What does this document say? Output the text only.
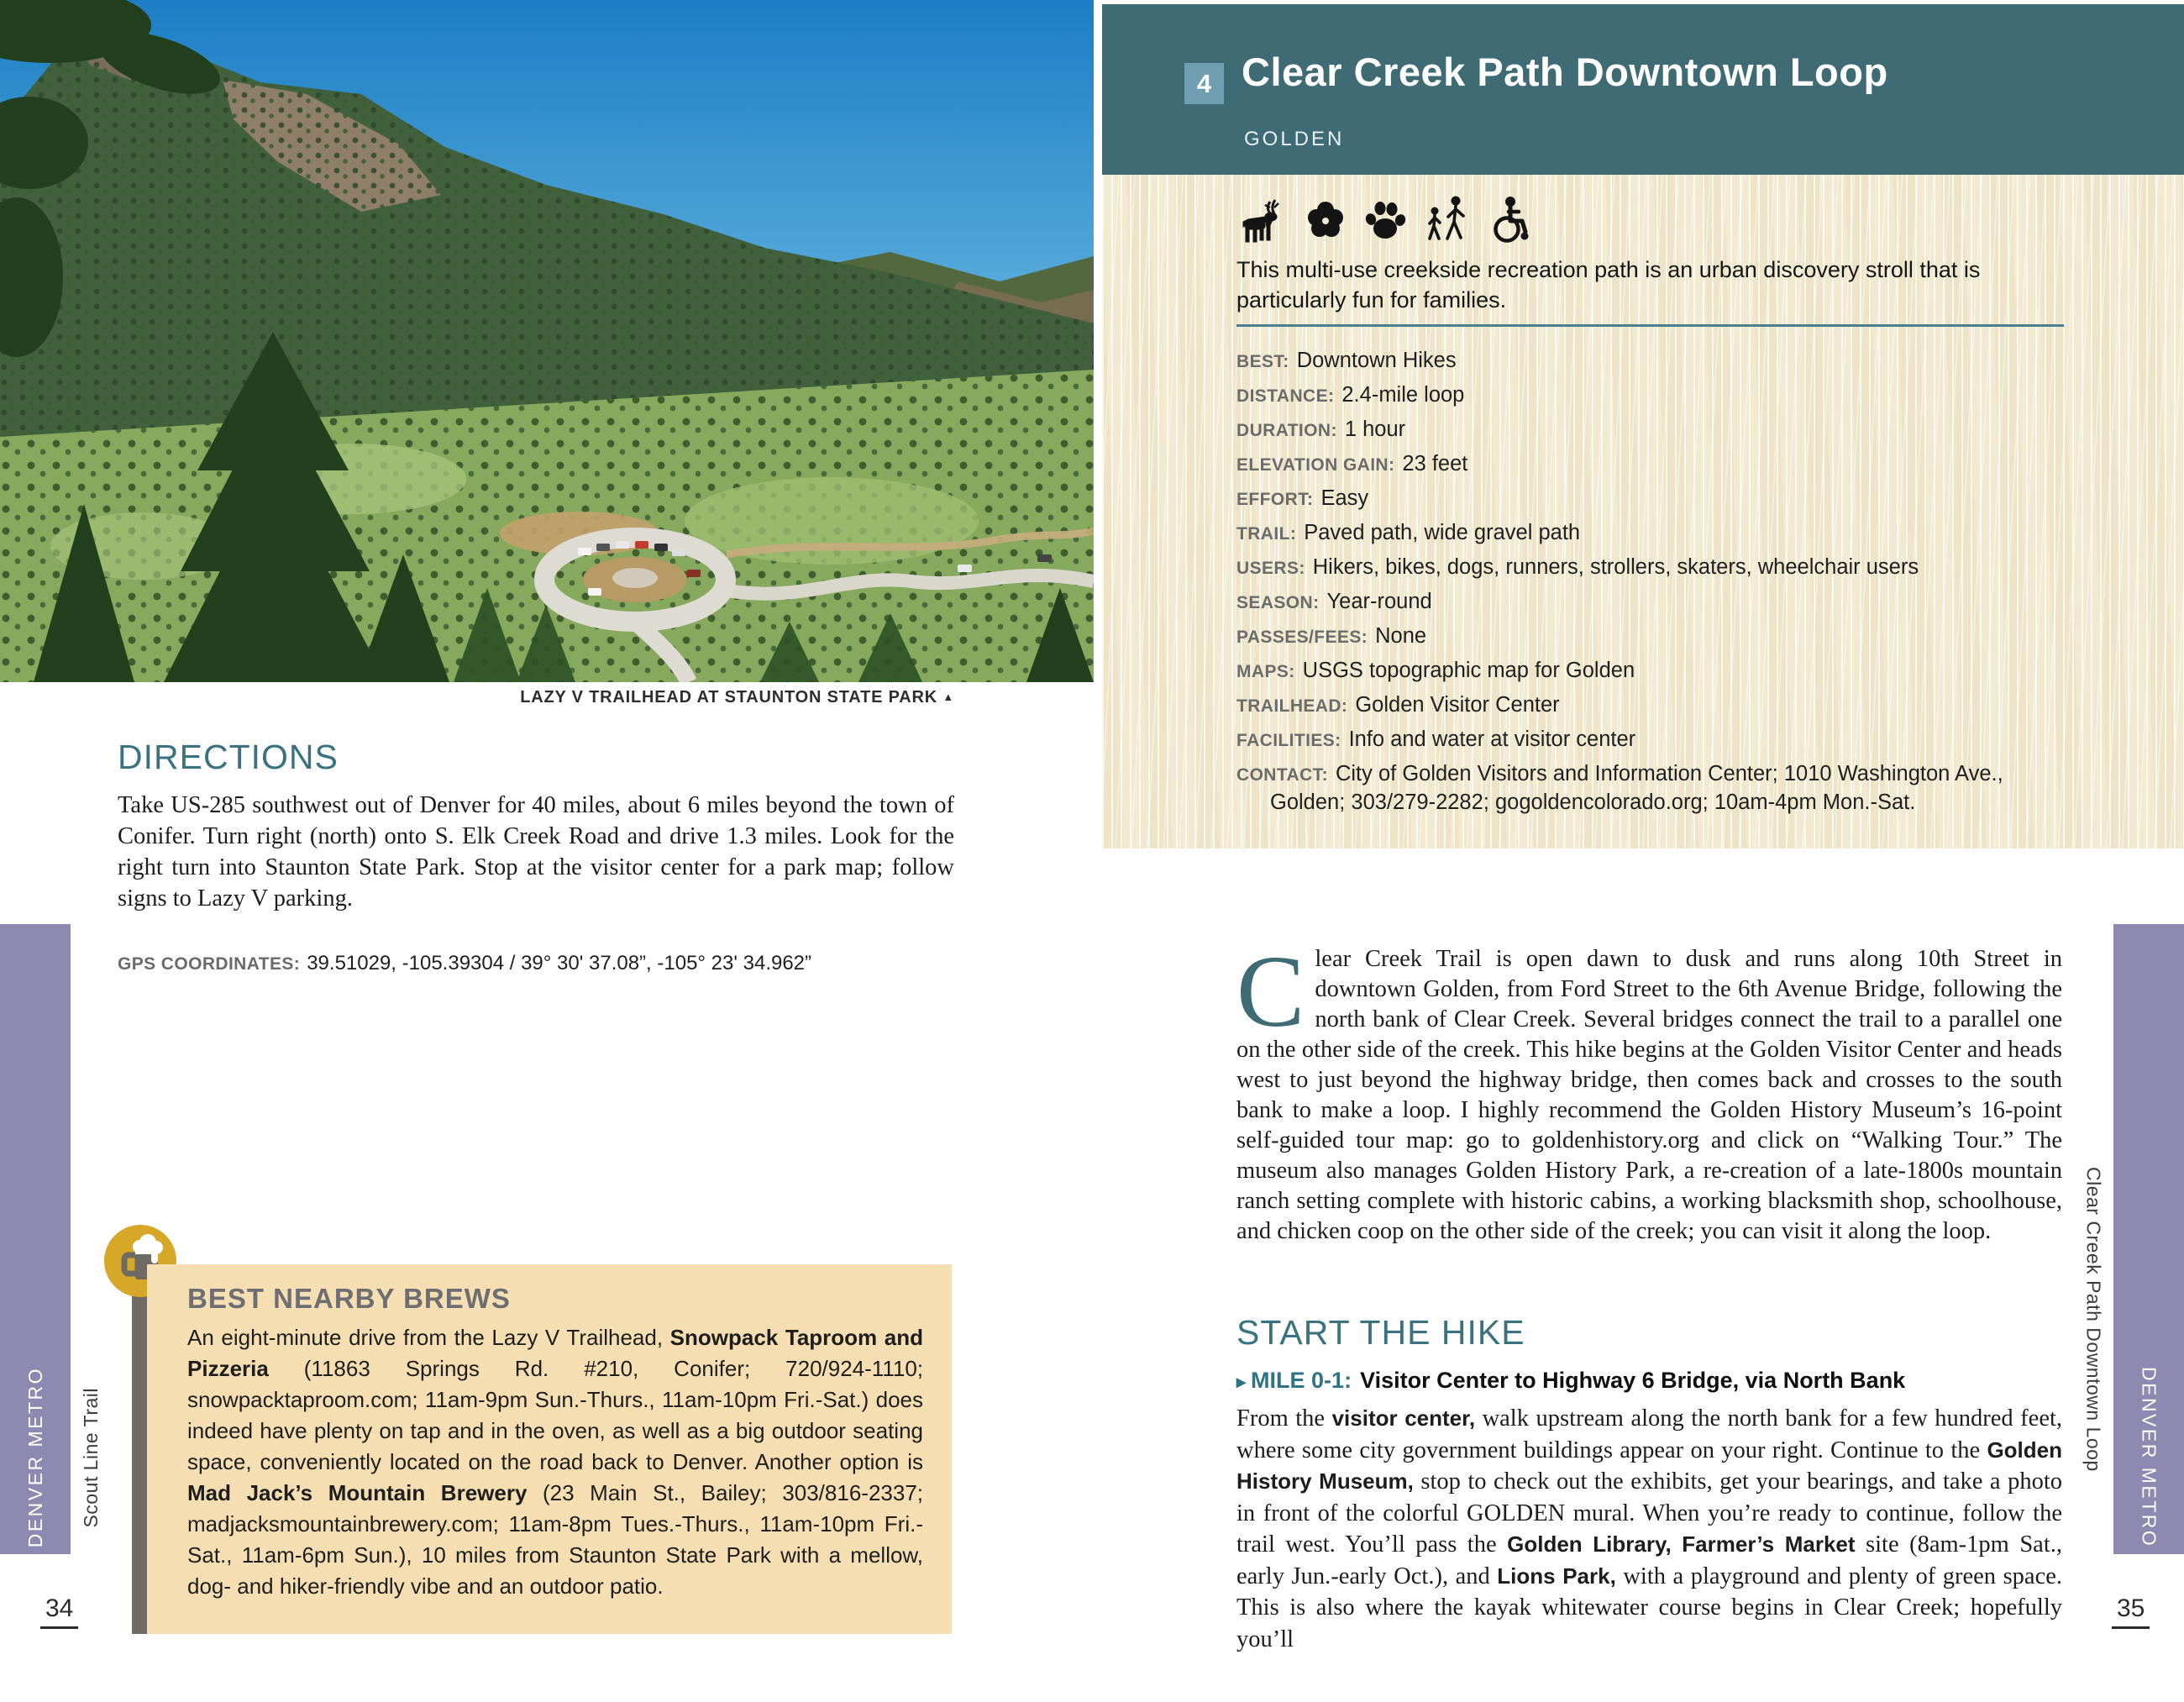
LAZY V TRAILHEAD AT STAUNTON STATE PARK ▲
DIRECTIONS

Take US-285 southwest out of Denver for 40 miles, about 6 miles beyond the town of Conifer. Turn right (north) onto S. Elk Creek Road and drive 1.3 miles. Look for the right turn into Staunton State Park. Stop at the visitor center for a park map; follow signs to Lazy V parking.

GPS COORDINATES: 39.51029, -105.39304 / 39° 30' 37.08”, -105° 23' 34.962”
BEST NEARBY BREWS

An eight-minute drive from the Lazy V Trailhead, Snowpack Taproom and Pizzeria (11863 Springs Rd. #210, Conifer; 720/924-1110; snowpacktaproom.com; 11am-9pm Sun.-Thurs., 11am-10pm Fri.-Sat.) does indeed have plenty on tap and in the oven, as well as a big outdoor seating space, conveniently located on the road back to Denver. Another option is Mad Jack’s Mountain Brewery (23 Main St., Bailey; 303/816-2337; madjacksmountainbrewery.com; 11am-8pm Tues.-Thurs., 11am-10pm Fri.-Sat., 11am-6pm Sun.), 10 miles from Staunton State Park with a mellow, dog- and hiker-friendly vibe and an outdoor patio.

DENVER METRO Scout Line Trail
34
4 Clear Creek Path Downtown Loop
GOLDEN

This multi-use creekside recreation path is an urban discovery stroll that is particularly fun for families.

BEST: Downtown Hikes
DISTANCE: 2.4-mile loop
DURATION: 1 hour
ELEVATION GAIN: 23 feet
EFFORT: Easy
TRAIL: Paved path, wide gravel path
USERS: Hikers, bikes, dogs, runners, strollers, skaters, wheelchair users
SEASON: Year-round
PASSES/FEES: None
MAPS: USGS topographic map for Golden
TRAILHEAD: Golden Visitor Center
FACILITIES: Info and water at visitor center
CONTACT: City of Golden Visitors and Information Center; 1010 Washington Ave., Golden; 303/279-2282; gogoldencolorado.org; 10am-4pm Mon.-Sat.
C lear Creek Trail is open dawn to dusk and runs along 10th Street in downtown Golden, from Ford Street to the 6th Avenue Bridge, following the north bank of Clear Creek. Several bridges connect the trail to a parallel one on the other side of the creek. This hike begins at the Golden Visitor Center and heads west to just beyond the highway bridge, then comes back and crosses to the south bank to make a loop. I highly recommend the Golden History Museum’s 16-point self-guided tour map: go to goldenhistory.org and click on “Walking Tour.” The museum also manages Golden History Park, a re-creation of a late-1800s mountain ranch setting complete with historic cabins, a working blacksmith shop, schoolhouse, and chicken coop on the other side of the creek; you can visit it along the loop.
START THE HIKE
▸ MILE 0-1: Visitor Center to Highway 6 Bridge, via North Bank

From the visitor center, walk upstream along the north bank for a few hundred feet, where some city government buildings appear on your right. Continue to the Golden History Museum, stop to check out the exhibits, get your bearings, and take a photo in front of the colorful GOLDEN mural. When you’re ready to continue, follow the trail west. You’ll pass the Golden Library, Farmer’s Market site (8am-1pm Sat., early Jun.-early Oct.), and Lions Park, with a playground and plenty of green space. This is also where the kayak whitewater course begins in Clear Creek; hopefully you’ll

DENVER METRO
Clear Creek Path Downtown Loop
35
